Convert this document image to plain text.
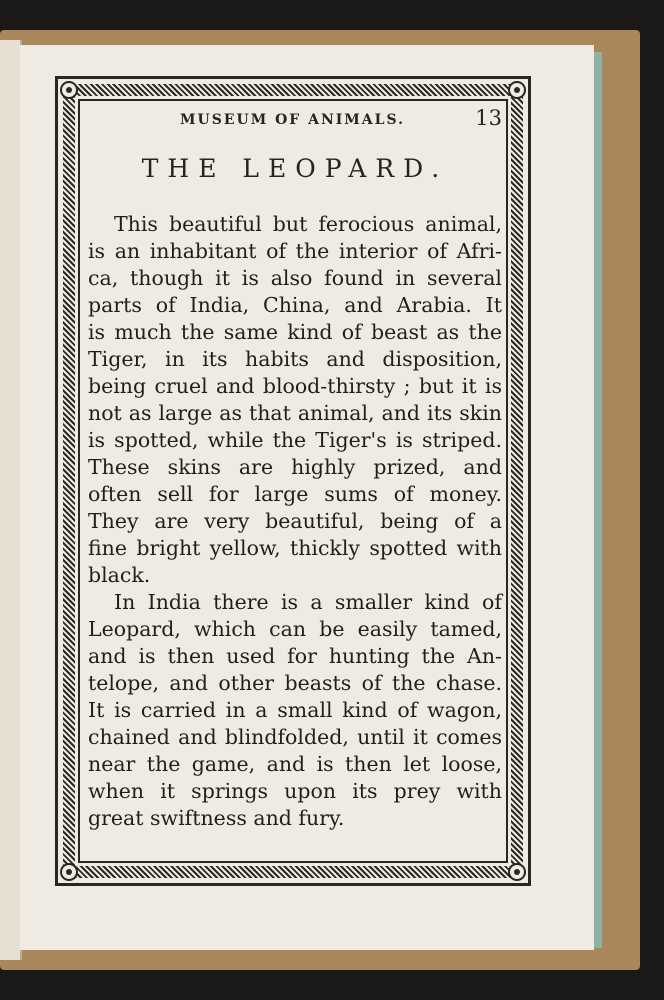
MUSEUM OF ANIMALS.	13
THE LEOPARD.

This beautiful but ferocious animal,
is an inhabitant of the interior of Afri-
ca, though it is also found in several
parts of India, China, and Arabia. It
is much the same kind of beast as the
Tiger, in its habits and disposition,
being cruel and blood-thirsty ; but it is
not as large as that animal, and its skin
is spotted, while the Tiger's is striped.
These skins are highly prized, and
often sell for large sums of money.
They are very beautiful, being of a
fine bright yellow, thickly spotted with
black.

In India there is a smaller kind of
Leopard, which can be easily tamed,
and is then used for hunting the An-
telope, and other beasts of the chase.
It is carried in a small kind of wagon,
chained and blindfolded, until it comes
near the game, and is then let loose,
when it springs upon its prey with
great swiftness and fury.
